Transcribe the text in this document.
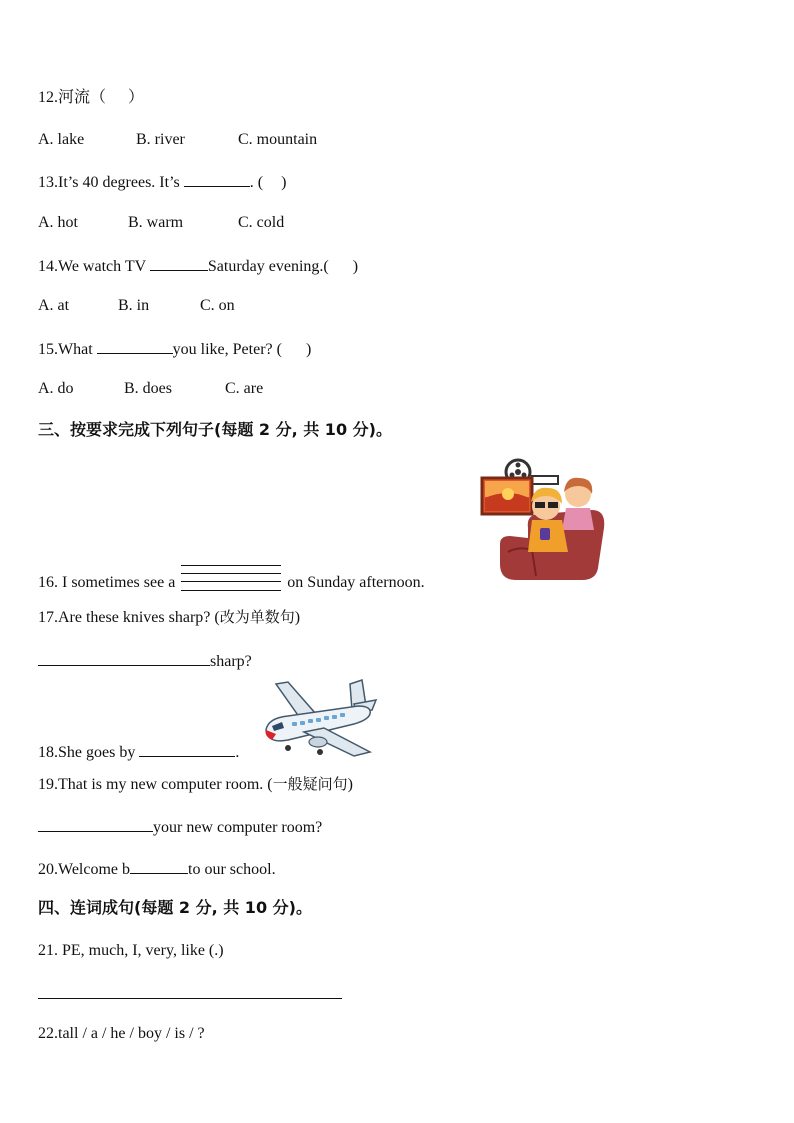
12.河流（ ）
A. lake	B. river	C. mountain
13.It’s 40 degrees. It’s	. ( )
A. hot	B. warm	C. cold
14.We watch TV	Saturday evening.( )
A. at	B. in	C. on
15.What	you like, Peter? ( )
A. do	B. does	C. are
三、按要求完成下列句子(每题 2 分, 共 10 分)。
16. I sometimes see a	on Sunday afternoon.
17.Are these knives sharp? (改为单数句)
sharp?
18.She goes by	.
19.That is my new computer room. (一般疑问句)
your new computer room?
20.Welcome b	to our school.
四、连词成句(每题 2 分, 共 10 分)。
21. PE, much, I, very, like (.)
22.tall / a / he / boy / is / ?
